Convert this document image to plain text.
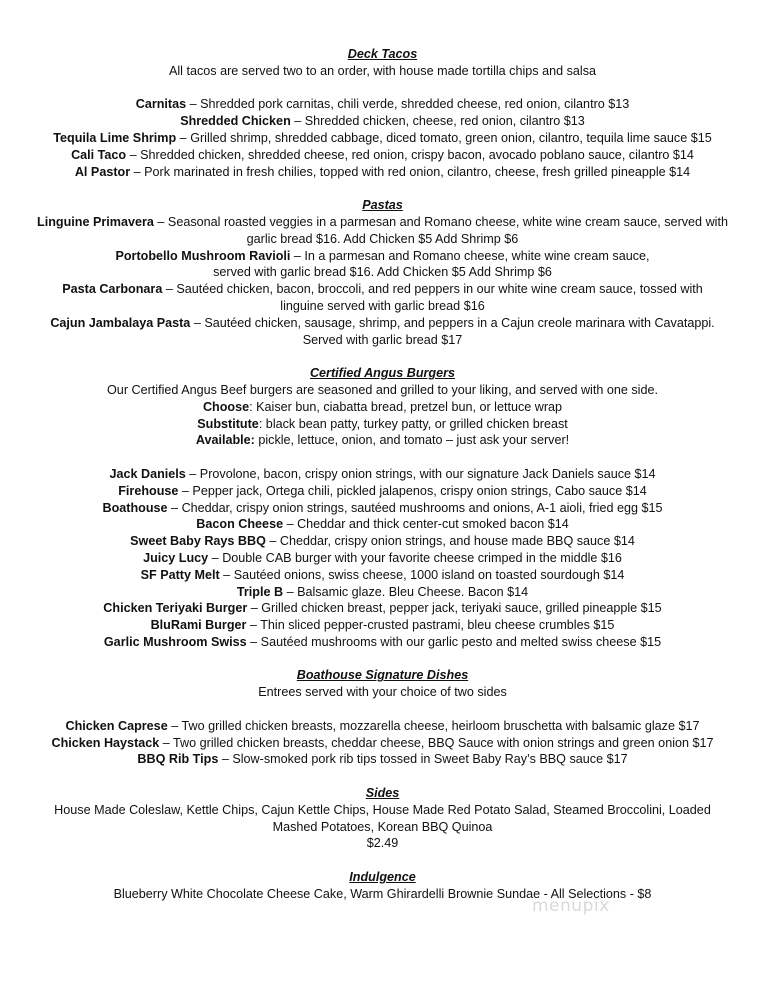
Deck Tacos
All tacos are served two to an order, with house made tortilla chips and salsa
Carnitas – Shredded pork carnitas, chili verde, shredded cheese, red onion, cilantro $13
Shredded Chicken – Shredded chicken, cheese, red onion, cilantro $13
Tequila Lime Shrimp – Grilled shrimp, shredded cabbage, diced tomato, green onion, cilantro, tequila lime sauce $15
Cali Taco – Shredded chicken, shredded cheese, red onion, crispy bacon, avocado poblano sauce, cilantro $14
Al Pastor – Pork marinated in fresh chilies, topped with red onion, cilantro, cheese, fresh grilled pineapple $14
Pastas
Linguine Primavera – Seasonal roasted veggies in a parmesan and Romano cheese, white wine cream sauce, served with
garlic bread $16. Add Chicken $5 Add Shrimp $6
Portobello Mushroom Ravioli – In a parmesan and Romano cheese, white wine cream sauce,
served with garlic bread $16. Add Chicken $5 Add Shrimp $6
Pasta Carbonara – Sautéed chicken, bacon, broccoli, and red peppers in our white wine cream sauce, tossed with
linguine served with garlic bread $16
Cajun Jambalaya Pasta – Sautéed chicken, sausage, shrimp, and peppers in a Cajun creole marinara with Cavatappi.
Served with garlic bread $17
Certified Angus Burgers
Our Certified Angus Beef burgers are seasoned and grilled to your liking, and served with one side.
Choose: Kaiser bun, ciabatta bread, pretzel bun, or lettuce wrap
Substitute: black bean patty, turkey patty, or grilled chicken breast
Available: pickle, lettuce, onion, and tomato – just ask your server!
Jack Daniels – Provolone, bacon, crispy onion strings, with our signature Jack Daniels sauce $14
Firehouse – Pepper jack, Ortega chili, pickled jalapenos, crispy onion strings, Cabo sauce $14
Boathouse – Cheddar, crispy onion strings, sautéed mushrooms and onions, A-1 aioli, fried egg $15
Bacon Cheese – Cheddar and thick center-cut smoked bacon $14
Sweet Baby Rays BBQ – Cheddar, crispy onion strings, and house made BBQ sauce $14
Juicy Lucy – Double CAB burger with your favorite cheese crimped in the middle $16
SF Patty Melt – Sautéed onions, swiss cheese, 1000 island on toasted sourdough $14
Triple B – Balsamic glaze. Bleu Cheese. Bacon $14
Chicken Teriyaki Burger – Grilled chicken breast, pepper jack, teriyaki sauce, grilled pineapple $15
BluRami Burger – Thin sliced pepper-crusted pastrami, bleu cheese crumbles $15
Garlic Mushroom Swiss – Sautéed mushrooms with our garlic pesto and melted swiss cheese $15
Boathouse Signature Dishes
Entrees served with your choice of two sides
Chicken Caprese – Two grilled chicken breasts, mozzarella cheese, heirloom bruschetta with balsamic glaze $17
Chicken Haystack – Two grilled chicken breasts, cheddar cheese, BBQ Sauce with onion strings and green onion $17
BBQ Rib Tips – Slow-smoked pork rib tips tossed in Sweet Baby Ray’s BBQ sauce $17
Sides
House Made Coleslaw, Kettle Chips, Cajun Kettle Chips, House Made Red Potato Salad, Steamed Broccolini, Loaded
Mashed Potatoes, Korean BBQ Quinoa
$2.49
Indulgence
Blueberry White Chocolate Cheese Cake, Warm Ghirardelli Brownie Sundae - All Selections - $8
menupix
